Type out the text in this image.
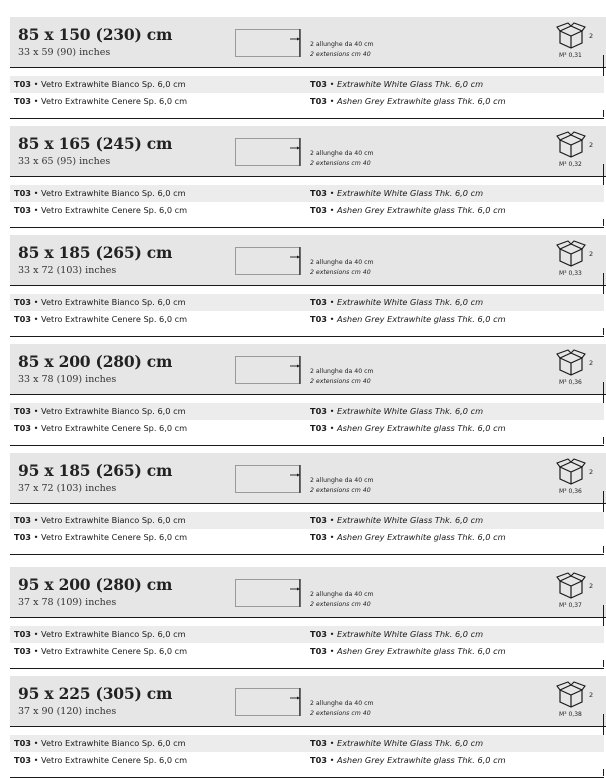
85 x 150 (230) cm
33 x 59 (90) inches
2 allunghe da 40 cm
2 extensions cm 40
2
M³ 0,31
T03 • Vetro Extrawhite Bianco Sp. 6,0 cm	T03 • Extrawhite White Glass Thk. 6,0 cm
T03 • Vetro Extrawhite Cenere Sp. 6,0 cm	T03 • Ashen Grey Extrawhite glass Thk. 6,0 cm
85 x 165 (245) cm
33 x 65 (95) inches
2 allunghe da 40 cm
2 extensions cm 40
2
M³ 0,32
T03 • Vetro Extrawhite Bianco Sp. 6,0 cm	T03 • Extrawhite White Glass Thk. 6,0 cm
T03 • Vetro Extrawhite Cenere Sp. 6,0 cm	T03 • Ashen Grey Extrawhite glass Thk. 6,0 cm
85 x 185 (265) cm
33 x 72 (103) inches
2 allunghe da 40 cm
2 extensions cm 40
2
M³ 0,33
T03 • Vetro Extrawhite Bianco Sp. 6,0 cm	T03 • Extrawhite White Glass Thk. 6,0 cm
T03 • Vetro Extrawhite Cenere Sp. 6,0 cm	T03 • Ashen Grey Extrawhite glass Thk. 6,0 cm
85 x 200 (280) cm
33 x 78 (109) inches
2 allunghe da 40 cm
2 extensions cm 40
2
M³ 0,36
T03 • Vetro Extrawhite Bianco Sp. 6,0 cm	T03 • Extrawhite White Glass Thk. 6,0 cm
T03 • Vetro Extrawhite Cenere Sp. 6,0 cm	T03 • Ashen Grey Extrawhite glass Thk. 6,0 cm
95 x 185 (265) cm
37 x 72 (103) inches
2 allunghe da 40 cm
2 extensions cm 40
2
M³ 0,36
T03 • Vetro Extrawhite Bianco Sp. 6,0 cm	T03 • Extrawhite White Glass Thk. 6,0 cm
T03 • Vetro Extrawhite Cenere Sp. 6,0 cm	T03 • Ashen Grey Extrawhite glass Thk. 6,0 cm
95 x 200 (280) cm
37 x 78 (109) inches
2 allunghe da 40 cm
2 extensions cm 40
2
M³ 0,37
T03 • Vetro Extrawhite Bianco Sp. 6,0 cm	T03 • Extrawhite White Glass Thk. 6,0 cm
T03 • Vetro Extrawhite Cenere Sp. 6,0 cm	T03 • Ashen Grey Extrawhite glass Thk. 6,0 cm
95 x 225 (305) cm
37 x 90 (120) inches
2 allunghe da 40 cm
2 extensions cm 40
2
M³ 0,38
T03 • Vetro Extrawhite Bianco Sp. 6,0 cm	T03 • Extrawhite White Glass Thk. 6,0 cm
T03 • Vetro Extrawhite Cenere Sp. 6,0 cm	T03 • Ashen Grey Extrawhite glass Thk. 6,0 cm
